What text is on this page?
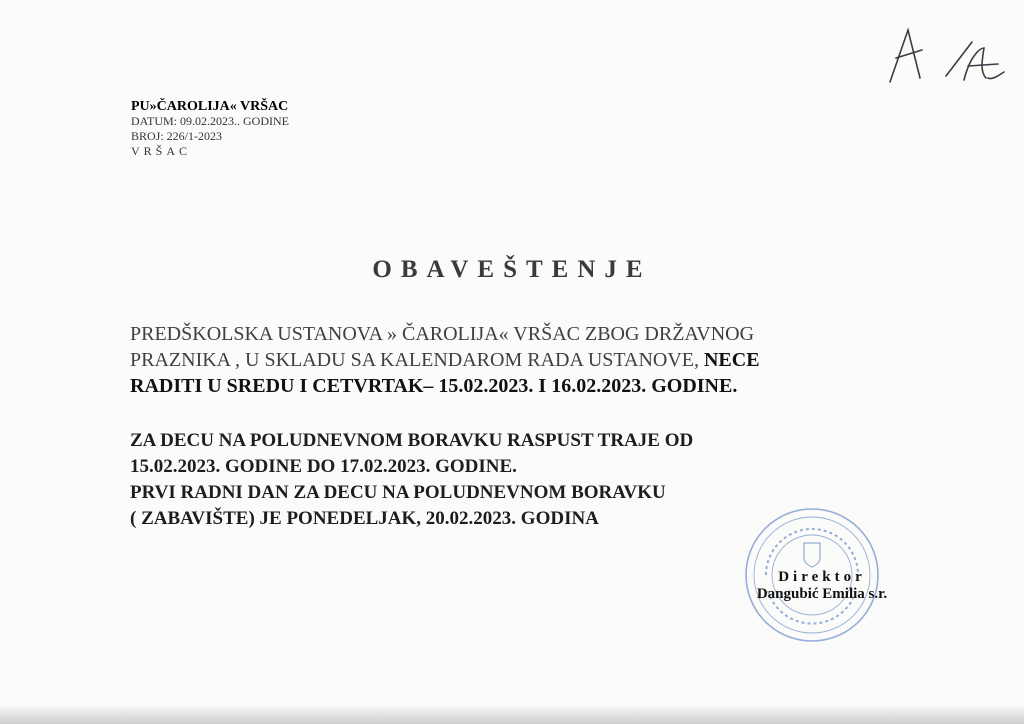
PU»ČAROLIJA« VRŠAC
DATUM: 09.02.2023.. GODINE
BROJ: 226/1-2023
VRŠAC
OBAVEŠTENJE
PREDŠKOLSKA USTANOVA » ČAROLIJA« VRŠAC ZBOG DRŽAVNOG
PRAZNIKA , U SKLADU SA KALENDAROM RADA USTANOVE, NECE
RADITI U SREDU I CETVRTAK– 15.02.2023. I 16.02.2023. GODINE.
ZA DECU NA POLUDNEVNOM BORAVKU RASPUST TRAJE OD
15.02.2023. GODINE DO 17.02.2023. GODINE.
PRVI RADNI DAN ZA DECU NA POLUDNEVNOM BORAVKU
( ZABAVIŠTE) JE PONEDELJAK, 20.02.2023. GODINA
Direktor
Dangubić Emilia s.r.
